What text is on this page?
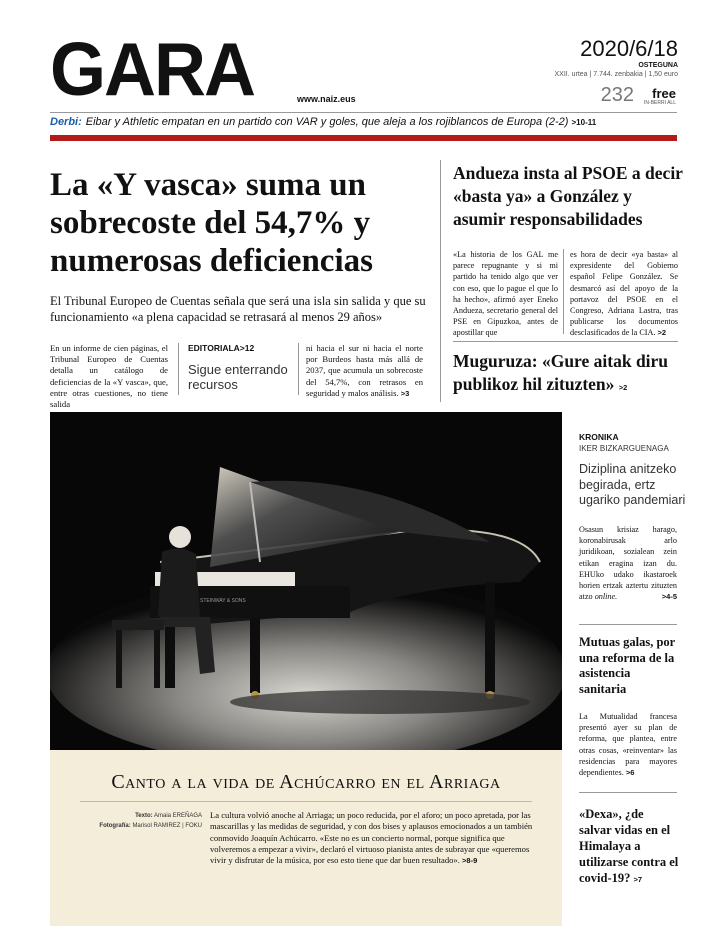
GARA	www.naiz.eus
2020/6/18
OSTEGUNA
XXII. urtea | 7.744. zenbakia | 1,50 euro
232 free
IN-BERRI ALL
Derbi: Eibar y Athletic empatan en un partido con VAR y goles, que aleja a los rojiblancos de Europa (2-2) >10-11
La «Y vasca» suma un sobrecoste del 54,7% y numerosas deficiencias
El Tribunal Europeo de Cuentas señala que será una isla sin salida y que su funcionamiento «a plena capacidad se retrasará al menos 29 años»
En un informe de cien páginas, el Tribunal Europeo de Cuentas detalla un catálogo de deficiencias de la «Y vasca», que, entre otras cuestiones, no tiene salida
EDITORIALA>12
Sigue enterrando recursos
ni hacia el sur ni hacia el norte por Burdeos hasta más allá de 2037, que acumula un sobrecoste del 54,7%, con retrasos en seguridad y malos análisis. >3
Andueza insta al PSOE a decir «basta ya» a González y asumir responsabilidades
«La historia de los GAL me parece repugnante y si mi partido ha tenido algo que ver con eso, que lo pague el que lo ha hecho», afirmó ayer Eneko Andueza, secretario general del PSE en Gipuzkoa, antes de apostillar que
es hora de decir «ya basta» al expresidente del Gobierno español Felipe González. Se desmarcó así del apoyo de la portavoz del PSOE en el Congreso, Adriana Lastra, tras publicarse los documentos desclasificados de la CIA. >2
Muguruza: «Gure aitak diru publikoz hil zituzten» >2
STEINWAY & SONS
Canto a la vida de Achúcarro en el Arriaga
Texto: Amaia EREÑAGA
Fotografía: Marisol RAMIREZ | FOKU
La cultura volvió anoche al Arriaga; un poco reducida, por el aforo; un poco apretada, por las mascarillas y las medidas de seguridad, y con dos bises y aplausos emocionados a un también conmovido Joaquín Achúcarro. «Este no es un concierto normal, porque significa que volveremos a empezar a vivir», declaró el virtuoso pianista antes de subrayar que «queremos vivir y disfrutar de la música, por eso esto tiene que dar buen resultado». >8-9
KRONIKA
IKER BIZKARGUENAGA
Diziplina anitzeko begirada, ertz ugariko pandemiari
Osasun krisiaz harago, koronabirusak arlo juridikoan, sozialean zein etikan eragina izan du. EHUko udako ikastaroek horien ertzak aztertu zituzten atzo online.	>4-5
Mutuas galas, por una reforma de la asistencia sanitaria
La Mutualidad francesa presentó ayer su plan de reforma, que plantea, entre otras cosas, «reinventar» las residencias para mayores dependientes. >6
«Dexa», ¿de salvar vidas en el Himalaya a utilizarse contra el covid-19? >7
